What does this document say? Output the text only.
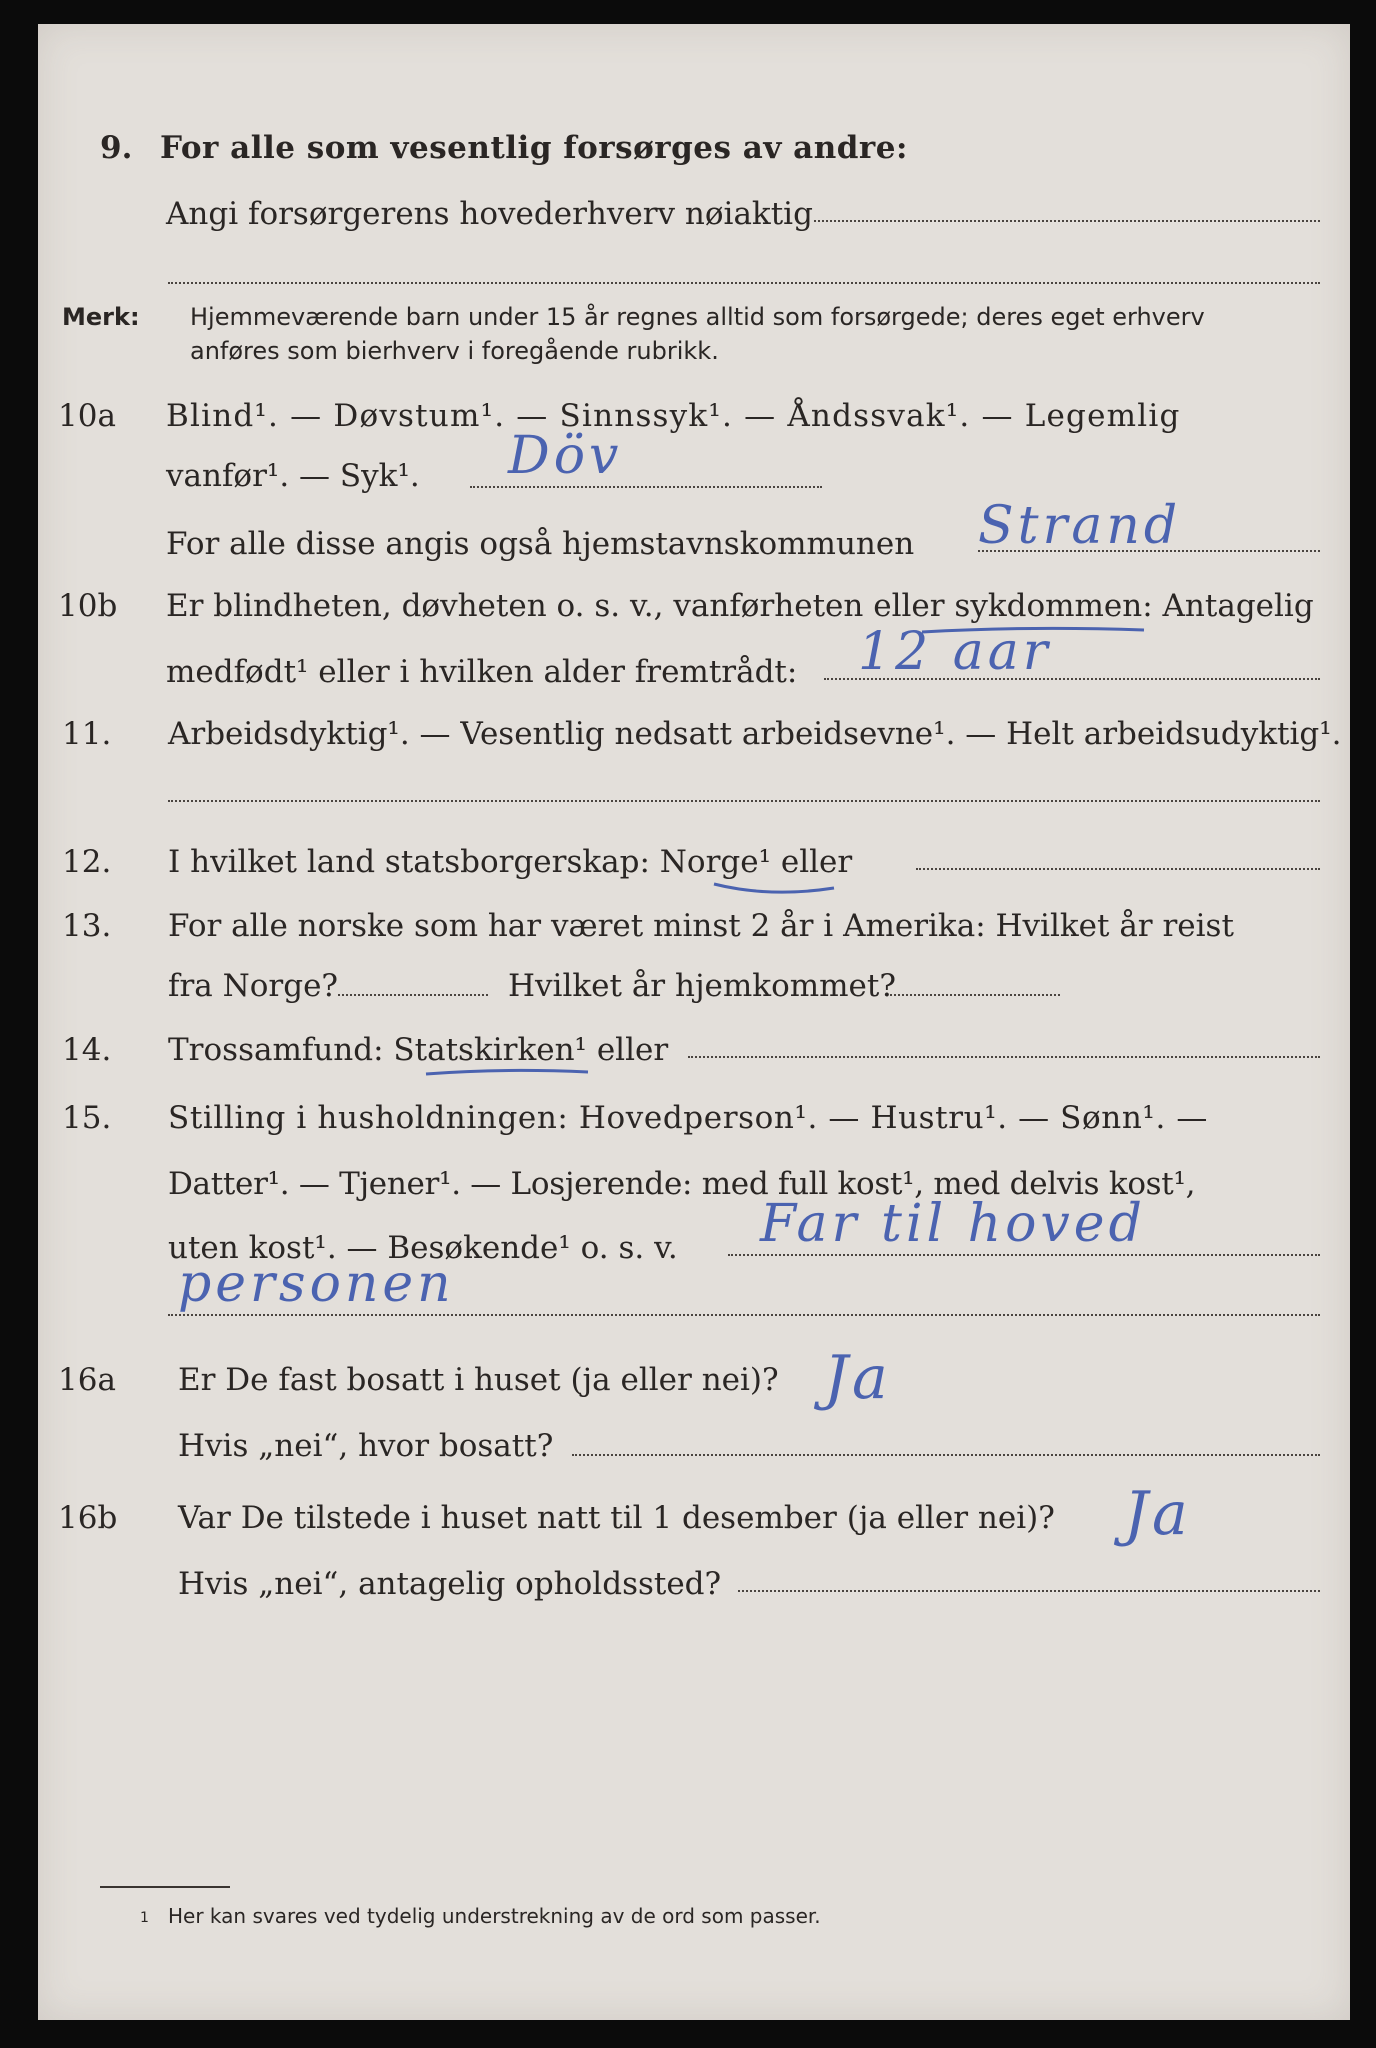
9. For alle som vesentlig forsørges av andre:
Angi forsørgerens hovederhverv nøiaktig
Merk: Hjemmeværende barn under 15 år regnes alltid som forsørgede; deres eget erhverv
anføres som bierhverv i foregående rubrikk.
10a	Blind¹. — Døvstum¹. — Sinnssyk¹. — Åndssvak¹. — Legemlig
vanfør¹. — Syk¹. Döv
For alle disse angis også hjemstavnskommunen Strand
10b	Er blindheten, døvheten o. s. v., vanførheten eller sykdommen: Antagelig
medfødt¹ eller i hvilken alder fremtrådt: 12 aar
11.	Arbeidsdyktig¹. — Vesentlig nedsatt arbeidsevne¹. — Helt arbeidsudyktig¹.
12.	I hvilket land statsborgerskap: Norge¹ eller
13.	For alle norske som har været minst 2 år i Amerika: Hvilket år reist
fra Norge?	Hvilket år hjemkommet?
14.	Trossamfund: Statskirken¹ eller
15.	Stilling i husholdningen: Hovedperson¹. — Hustru¹. — Sønn¹. —
Datter¹. — Tjener¹. — Losjerende: med full kost¹, med delvis kost¹,
uten kost¹. — Besøkende¹ o. s. v. Far til hoved
personen
16a	Er De fast bosatt i huset (ja eller nei)? Ja
Hvis „nei“, hvor bosatt?
16b	Var De tilstede i huset natt til 1 desember (ja eller nei)? Ja
Hvis „nei“, antagelig opholdssted?
1 Her kan svares ved tydelig understrekning av de ord som passer.
